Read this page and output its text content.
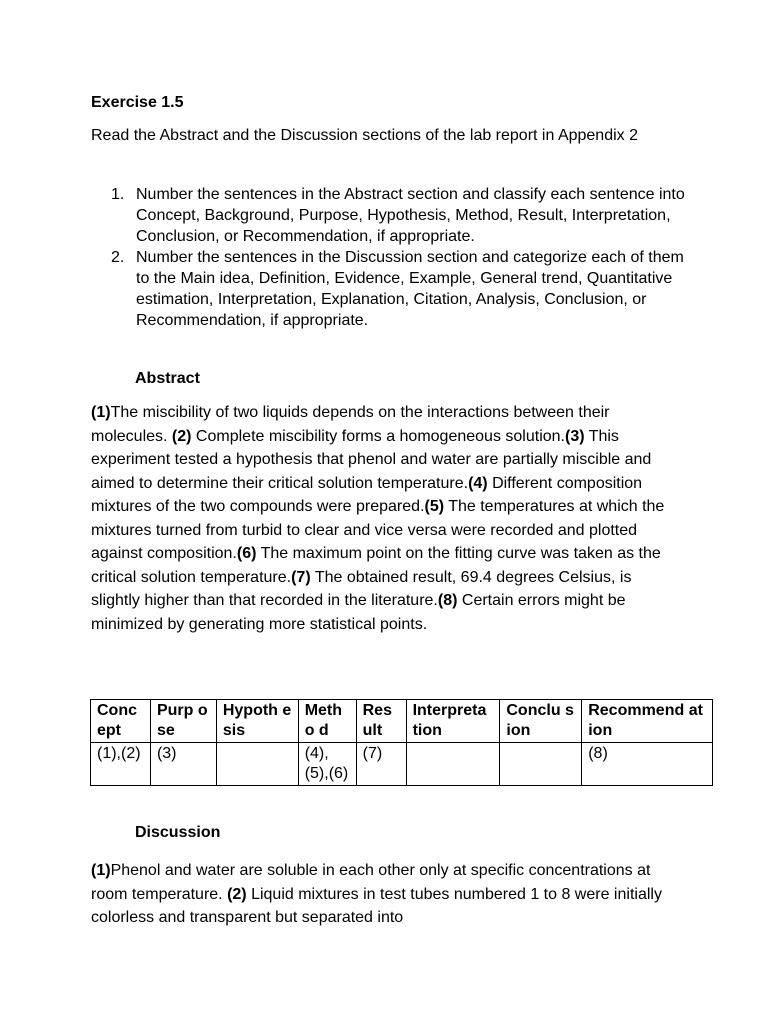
Exercise 1.5
Read the Abstract and the Discussion sections of the lab report in Appendix 2
1. Number the sentences in the Abstract section and classify each sentence into Concept, Background, Purpose, Hypothesis, Method, Result, Interpretation, Conclusion, or Recommendation, if appropriate.
2. Number the sentences in the Discussion section and categorize each of them to the Main idea, Definition, Evidence, Example, General trend, Quantitative estimation, Interpretation, Explanation, Citation, Analysis, Conclusion, or Recommendation, if appropriate.
Abstract
(1)The miscibility of two liquids depends on the interactions between their molecules. (2) Complete miscibility forms a homogeneous solution.(3) This experiment tested a hypothesis that phenol and water are partially miscible and aimed to determine their critical solution temperature.(4) Different composition mixtures of the two compounds were prepared.(5) The temperatures at which the mixtures turned from turbid to clear and vice versa were recorded and plotted against composition.(6) The maximum point on the fitting curve was taken as the critical solution temperature.(7) The obtained result, 69.4 degrees Celsius, is slightly higher than that recorded in the literature.(8) Certain errors might be minimized by generating more statistical points.
Conc ept	Purp ose	Hypoth esis	Metho d	Res ult	Interpreta tion	Conclu sion	Recommend ation
(1),(2)	(3)		(4), (5),(6)	(7)			(8)
Discussion
(1)Phenol and water are soluble in each other only at specific concentrations at room temperature. (2) Liquid mixtures in test tubes numbered 1 to 8 were initially colorless and transparent but separated into
